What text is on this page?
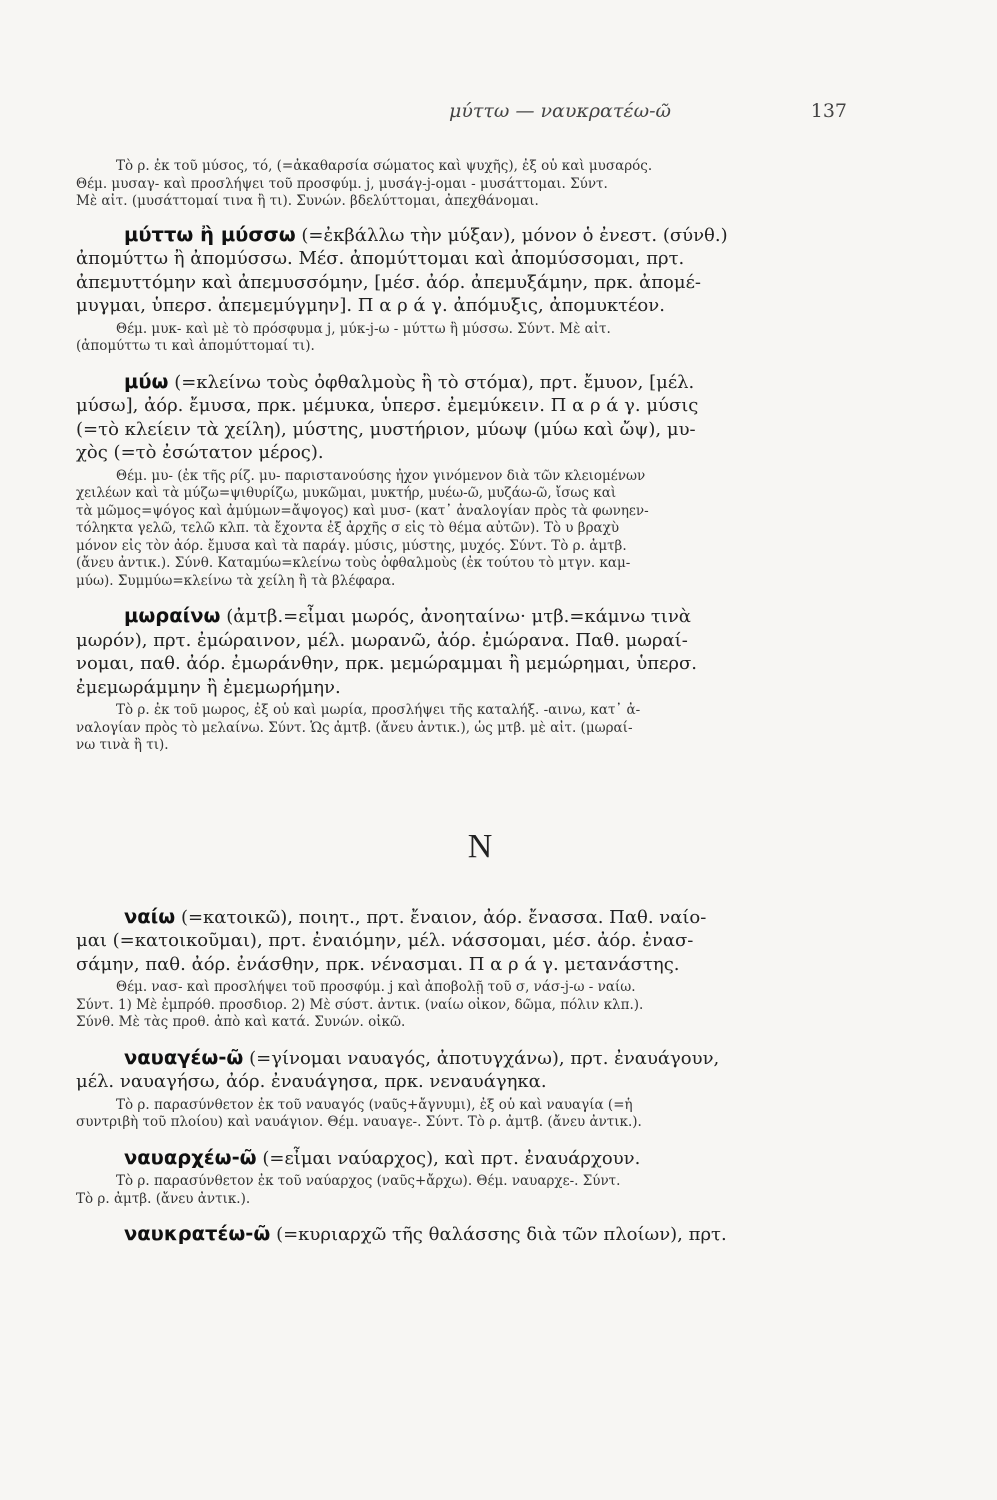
μύττω — ναυκρατέω-ῶ	137
Τὸ ρ. ἐκ τοῦ μύσος, τό, (=ἀκαθαρσία σώματος καὶ ψυχῆς), ἐξ οὗ καὶ μυσαρός.
Θέμ. μυσαγ- καὶ προσλήψει τοῦ προσφύμ. j, μυσάγ-j-ομαι - μυσάττομαι. Σύντ.
Μὲ αἰτ. (μυσάττομαί τινα ἢ τι). Συνών. βδελύττομαι, ἀπεχθάνομαι.
μύττω ἢ μύσσω (=ἐκβάλλω τὴν μύξαν), μόνον ὁ ἐνεστ. (σύνθ.)
ἀπομύττω ἢ ἀπομύσσω. Μέσ. ἀπομύττομαι καὶ ἀπομύσσομαι, πρτ.
ἀπεμυττόμην καὶ ἀπεμυσσόμην, [μέσ. ἀόρ. ἀπεμυξάμην, πρκ. ἀπομέ-
μυγμαι, ὑπερσ. ἀπεμεμύγμην]. Π α ρ ά γ. ἀπόμυξις, ἀπομυκτέον.
Θέμ. μυκ- καὶ μὲ τὸ πρόσφυμα j, μύκ-j-ω - μύττω ἢ μύσσω. Σύντ. Μὲ αἰτ.
(ἀπομύττω τι καὶ ἀπομύττομαί τι).
μύω (=κλείνω τοὺς ὀφθαλμοὺς ἢ τὸ στόμα), πρτ. ἔμυον, [μέλ.
μύσω], ἀόρ. ἔμυσα, πρκ. μέμυκα, ὑπερσ. ἐμεμύκειν. Π α ρ ά γ. μύσις
(=τὸ κλείειν τὰ χείλη), μύστης, μυστήριον, μύωψ (μύω καὶ ὤψ), μυ-
χὸς (=τὸ ἐσώτατον μέρος).
Θέμ. μυ- (ἐκ τῆς ρίζ. μυ- παριστανούσης ἦχον γινόμενον διὰ τῶν κλειομένων
χειλέων καὶ τὰ μύζω=ψιθυρίζω, μυκῶμαι, μυκτήρ, μυέω-ῶ, μυζάω-ῶ, ἴσως καὶ
τὰ μῶμος=ψόγος καὶ ἀμύμων=ἄψογος) καὶ μυσ- (κατ᾽ ἀναλογίαν πρὸς τὰ φωνηεν-
τόληκτα γελῶ, τελῶ κλπ. τὰ ἔχοντα ἐξ ἀρχῆς σ εἰς τὸ θέμα αὐτῶν). Τὸ υ βραχὺ
μόνον εἰς τὸν ἀόρ. ἔμυσα καὶ τὰ παράγ. μύσις, μύστης, μυχός. Σύντ. Τὸ ρ. ἀμτβ.
(ἄνευ ἀντικ.). Σύνθ. Καταμύω=κλείνω τοὺς ὀφθαλμοὺς (ἐκ τούτου τὸ μτγν. καμ-
μύω). Συμμύω=κλείνω τὰ χείλη ἢ τὰ βλέφαρα.
μωραίνω (ἀμτβ.=εἶμαι μωρός, ἀνοηταίνω· μτβ.=κάμνω τινὰ
μωρόν), πρτ. ἐμώραινον, μέλ. μωρανῶ, ἀόρ. ἐμώρανα. Παθ. μωραί-
νομαι, παθ. ἀόρ. ἐμωράνθην, πρκ. μεμώραμμαι ἢ μεμώρημαι, ὑπερσ.
ἐμεμωράμμην ἢ ἐμεμωρήμην.
Τὸ ρ. ἐκ τοῦ μωρος, ἐξ οὗ καὶ μωρία, προσλήψει τῆς καταλήξ. -αινω, κατ᾽ ἀ-
ναλογίαν πρὸς τὸ μελαίνω. Σύντ. Ὡς ἀμτβ. (ἄνευ ἀντικ.), ὡς μτβ. μὲ αἰτ. (μωραί-
νω τινὰ ἢ τι).
Ν
ναίω (=κατοικῶ), ποιητ., πρτ. ἔναιον, ἀόρ. ἔνασσα. Παθ. ναίο-
μαι (=κατοικοῦμαι), πρτ. ἐναιόμην, μέλ. νάσσομαι, μέσ. ἀόρ. ἐνασ-
σάμην, παθ. ἀόρ. ἐνάσθην, πρκ. νένασμαι. Π α ρ ά γ. μετανάστης.
Θέμ. νασ- καὶ προσλήψει τοῦ προσφύμ. j καὶ ἀποβολῇ τοῦ σ, νάσ-j-ω - ναίω.
Σύντ. 1) Μὲ ἐμπρόθ. προσδιορ. 2) Μὲ σύστ. ἀντικ. (ναίω οἶκον, δῶμα, πόλιν κλπ.).
Σύνθ. Μὲ τὰς προθ. ἀπὸ καὶ κατά. Συνών. οἰκῶ.
ναυαγέω-ῶ (=γίνομαι ναυαγός, ἀποτυγχάνω), πρτ. ἐναυάγουν,
μέλ. ναυαγήσω, ἀόρ. ἐναυάγησα, πρκ. νεναυάγηκα.
Τὸ ρ. παρασύνθετον ἐκ τοῦ ναυαγός (ναῦς+ἄγνυμι), ἐξ οὗ καὶ ναυαγία (=ἡ
συντριβὴ τοῦ πλοίου) καὶ ναυάγιον. Θέμ. ναυαγε-. Σύντ. Τὸ ρ. ἀμτβ. (ἄνευ ἀντικ.).
ναυαρχέω-ῶ (=εἶμαι ναύαρχος), καὶ πρτ. ἐναυάρχουν.
Τὸ ρ. παρασύνθετον ἐκ τοῦ ναύαρχος (ναῦς+ἄρχω). Θέμ. ναυαρχε-. Σύντ.
Τὸ ρ. ἀμτβ. (ἄνευ ἀντικ.).
ναυκρατέω-ῶ (=κυριαρχῶ τῆς θαλάσσης διὰ τῶν πλοίων), πρτ.
